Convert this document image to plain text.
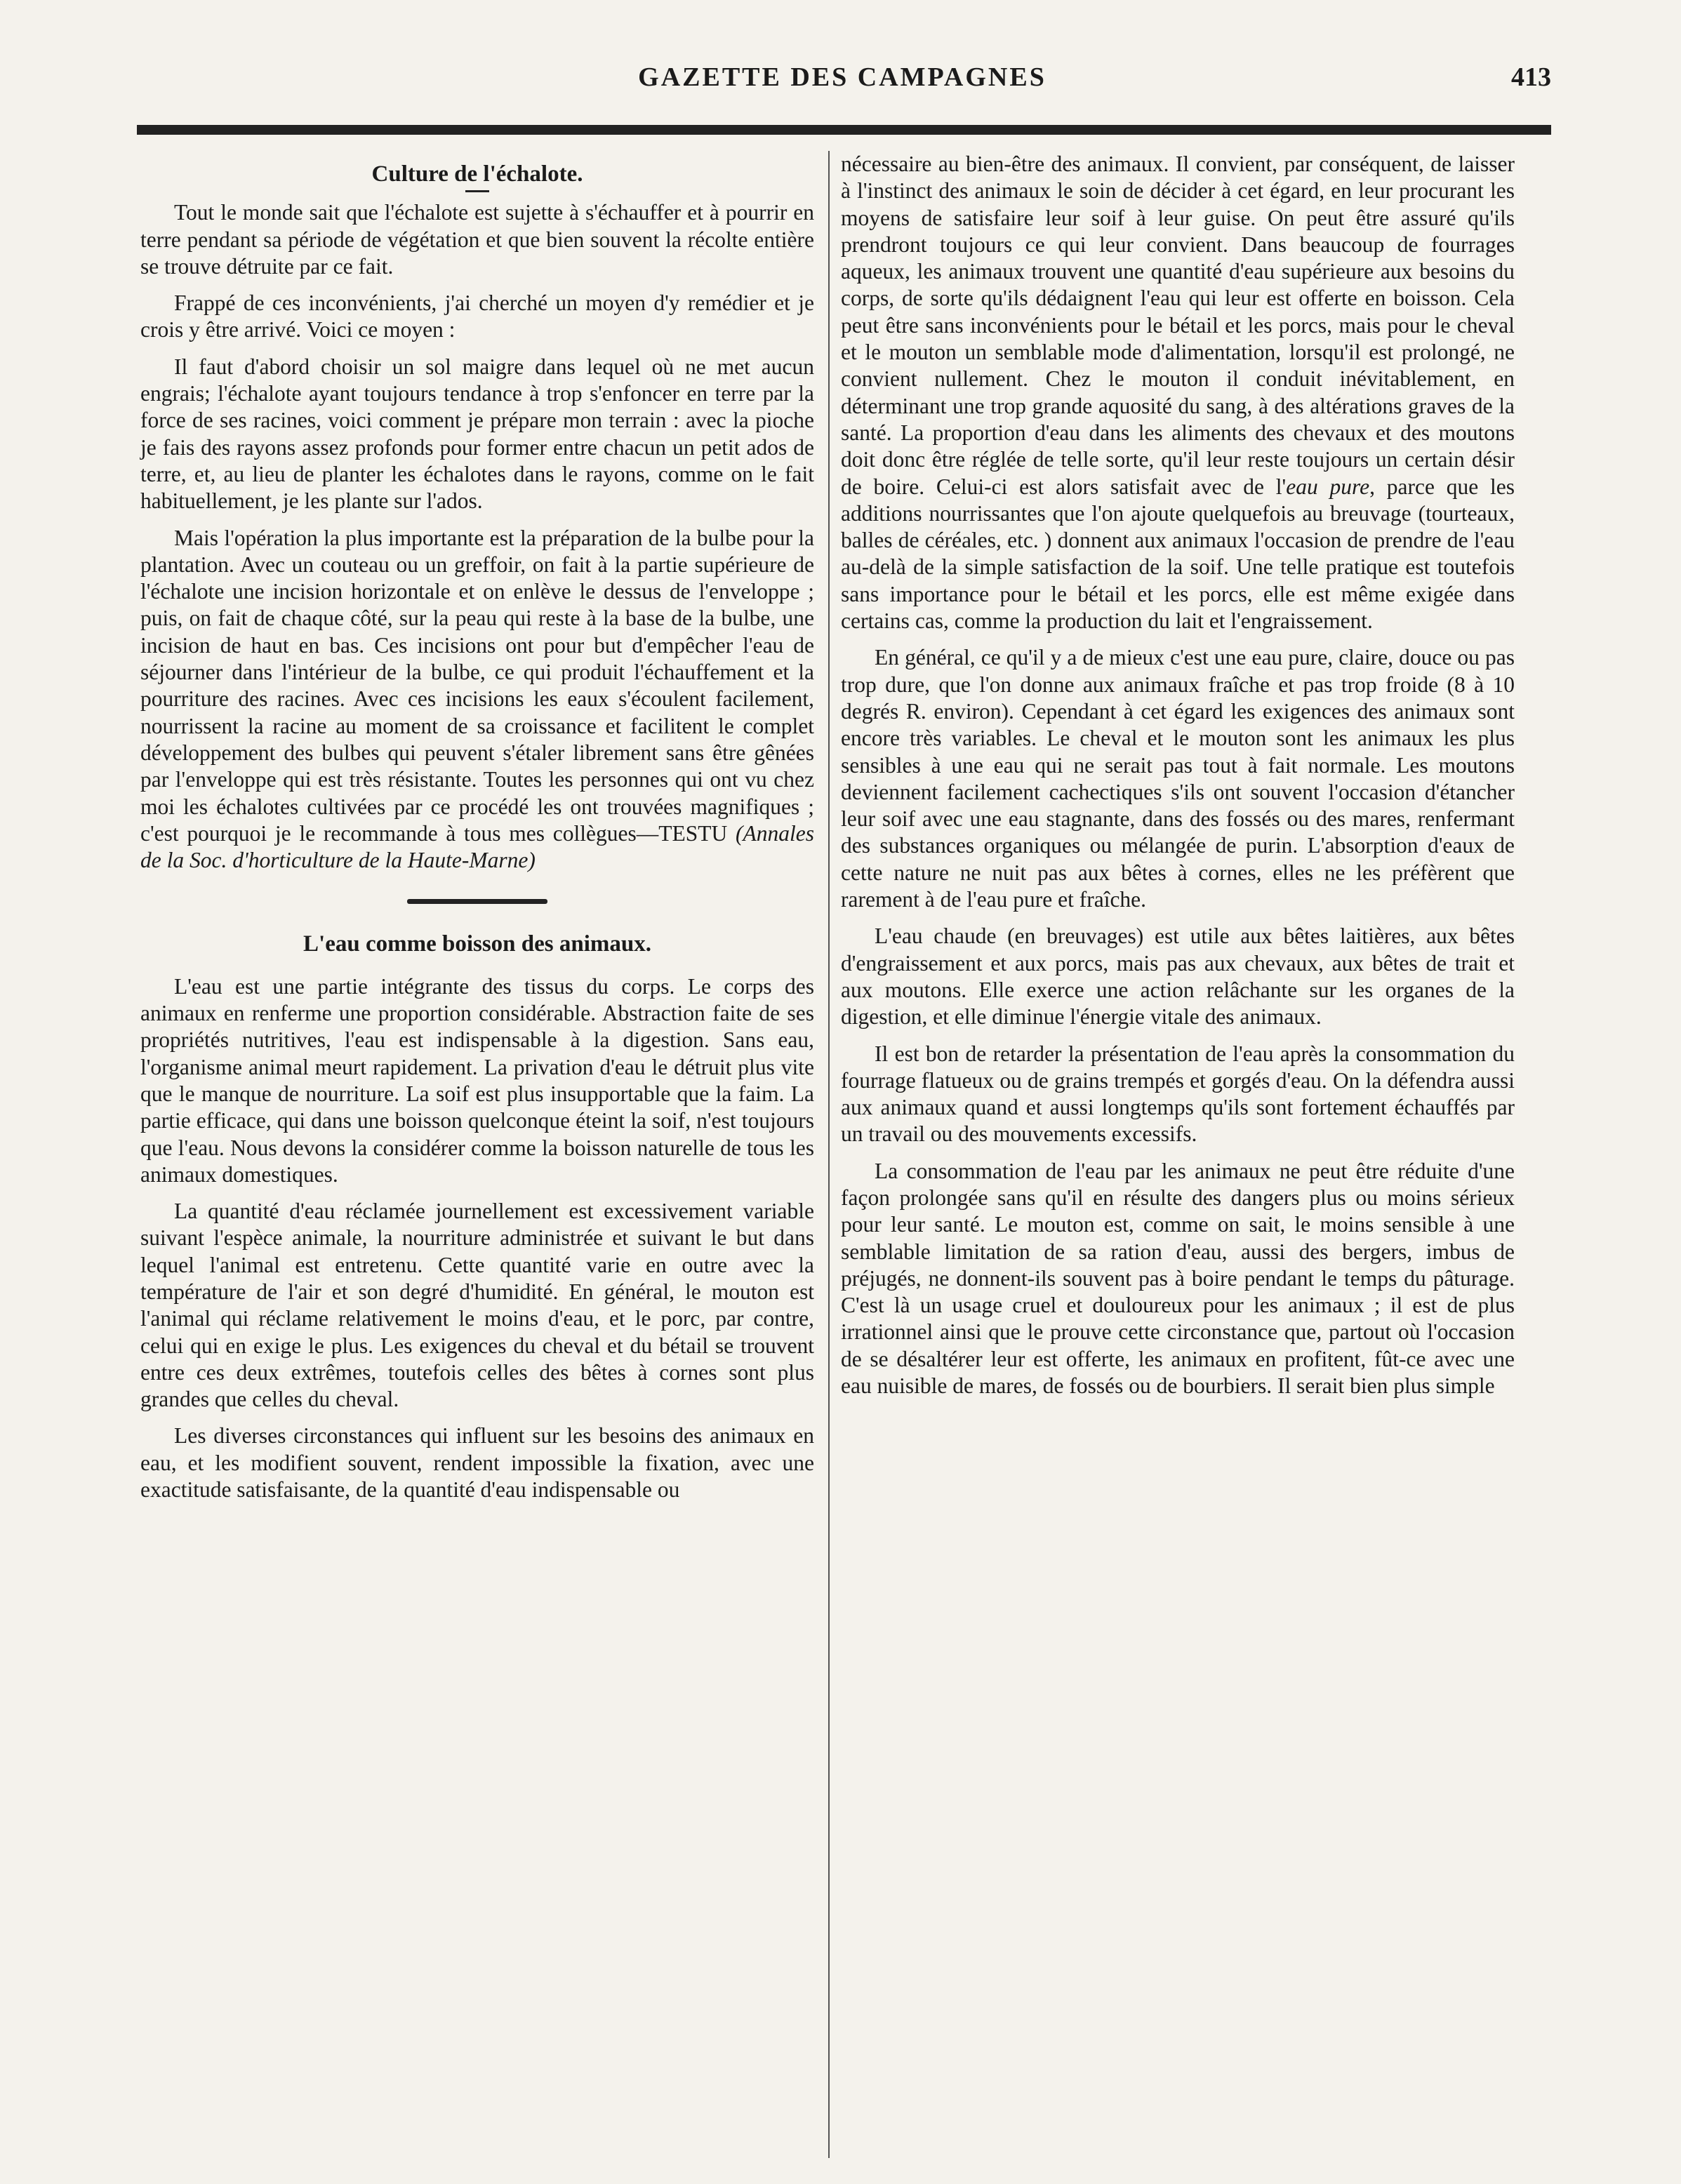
GAZETTE DES CAMPAGNES	413
Culture de l'échalote.

Tout le monde sait que l'échalote est sujette à s'échauffer et à pourrir en terre pendant sa période de végétation et que bien souvent la récolte entière se trouve détruite par ce fait.

Frappé de ces inconvénients, j'ai cherché un moyen d'y remédier et je crois y être arrivé. Voici ce moyen :

Il faut d'abord choisir un sol maigre dans lequel où ne met aucun engrais; l'échalote ayant toujours tendance à trop s'enfoncer en terre par la force de ses racines, voici comment je prépare mon terrain : avec la pioche je fais des rayons assez profonds pour former entre chacun un petit ados de terre, et, au lieu de planter les échalotes dans le rayons, comme on le fait habituellement, je les plante sur l'ados.

Mais l'opération la plus importante est la préparation de la bulbe pour la plantation. Avec un couteau ou un greffoir, on fait à la partie supérieure de l'échalote une incision horizontale et on enlève le dessus de l'enveloppe ; puis, on fait de chaque côté, sur la peau qui reste à la base de la bulbe, une incision de haut en bas. Ces incisions ont pour but d'empêcher l'eau de séjourner dans l'intérieur de la bulbe, ce qui produit l'échauffement et la pourriture des racines. Avec ces incisions les eaux s'écoulent facilement, nourrissent la racine au moment de sa croissance et facilitent le complet développement des bulbes qui peuvent s'étaler librement sans être gênées par l'enveloppe qui est très résistante. Toutes les personnes qui ont vu chez moi les échalotes cultivées par ce procédé les ont trouvées magnifiques ; c'est pourquoi je le recommande à tous mes collègues—TESTU (Annales de la Soc. d'horticulture de la Haute-Marne)

L'eau comme boisson des animaux.

L'eau est une partie intégrante des tissus du corps. Le corps des animaux en renferme une proportion considérable. Abstraction faite de ses propriétés nutritives, l'eau est indispensable à la digestion. Sans eau, l'organisme animal meurt rapidement. La privation d'eau le détruit plus vite que le manque de nourriture. La soif est plus insupportable que la faim. La partie efficace, qui dans une boisson quelconque éteint la soif, n'est toujours que l'eau. Nous devons la considérer comme la boisson naturelle de tous les animaux domestiques.

La quantité d'eau réclamée journellement est excessivement variable suivant l'espèce animale, la nourriture administrée et suivant le but dans lequel l'animal est entretenu. Cette quantité varie en outre avec la température de l'air et son degré d'humidité. En général, le mouton est l'animal qui réclame relativement le moins d'eau, et le porc, par contre, celui qui en exige le plus. Les exigences du cheval et du bétail se trouvent entre ces deux extrêmes, toutefois celles des bêtes à cornes sont plus grandes que celles du cheval.

Les diverses circonstances qui influent sur les besoins des animaux en eau, et les modifient souvent, rendent impossible la fixation, avec une exactitude satisfaisante, de la quantité d'eau indispensable ou

nécessaire au bien-être des animaux. Il convient, par conséquent, de laisser à l'instinct des animaux le soin de décider à cet égard, en leur procurant les moyens de satisfaire leur soif à leur guise. On peut être assuré qu'ils prendront toujours ce qui leur convient. Dans beaucoup de fourrages aqueux, les animaux trouvent une quantité d'eau supérieure aux besoins du corps, de sorte qu'ils dédaignent l'eau qui leur est offerte en boisson. Cela peut être sans inconvénients pour le bétail et les porcs, mais pour le cheval et le mouton un semblable mode d'alimentation, lorsqu'il est prolongé, ne convient nullement. Chez le mouton il conduit inévitablement, en déterminant une trop grande aquosité du sang, à des altérations graves de la santé. La proportion d'eau dans les aliments des chevaux et des moutons doit donc être réglée de telle sorte, qu'il leur reste toujours un certain désir de boire. Celui-ci est alors satisfait avec de l'eau pure, parce que les additions nourrissantes que l'on ajoute quelquefois au breuvage (tourteaux, balles de céréales, etc. ) donnent aux animaux l'occasion de prendre de l'eau au-delà de la simple satisfaction de la soif. Une telle pratique est toutefois sans importance pour le bétail et les porcs, elle est même exigée dans certains cas, comme la production du lait et l'engraissement.

En général, ce qu'il y a de mieux c'est une eau pure, claire, douce ou pas trop dure, que l'on donne aux animaux fraîche et pas trop froide (8 à 10 degrés R. environ). Cependant à cet égard les exigences des animaux sont encore très variables. Le cheval et le mouton sont les animaux les plus sensibles à une eau qui ne serait pas tout à fait normale. Les moutons deviennent facilement cachectiques s'ils ont souvent l'occasion d'étancher leur soif avec une eau stagnante, dans des fossés ou des mares, renfermant des substances organiques ou mélangée de purin. L'absorption d'eaux de cette nature ne nuit pas aux bêtes à cornes, elles ne les préfèrent que rarement à de l'eau pure et fraîche.

L'eau chaude (en breuvages) est utile aux bêtes laitières, aux bêtes d'engraissement et aux porcs, mais pas aux chevaux, aux bêtes de trait et aux moutons. Elle exerce une action relâchante sur les organes de la digestion, et elle diminue l'énergie vitale des animaux.

Il est bon de retarder la présentation de l'eau après la consommation du fourrage flatueux ou de grains trempés et gorgés d'eau. On la défendra aussi aux animaux quand et aussi longtemps qu'ils sont fortement échauffés par un travail ou des mouvements excessifs.

La consommation de l'eau par les animaux ne peut être réduite d'une façon prolongée sans qu'il en résulte des dangers plus ou moins sérieux pour leur santé. Le mouton est, comme on sait, le moins sensible à une semblable limitation de sa ration d'eau, aussi des bergers, imbus de préjugés, ne donnent-ils souvent pas à boire pendant le temps du pâturage. C'est là un usage cruel et douloureux pour les animaux ; il est de plus irrationnel ainsi que le prouve cette circonstance que, partout où l'occasion de se désaltérer leur est offerte, les animaux en profitent, fût-ce avec une eau nuisible de mares, de fossés ou de bourbiers. Il serait bien plus simple
